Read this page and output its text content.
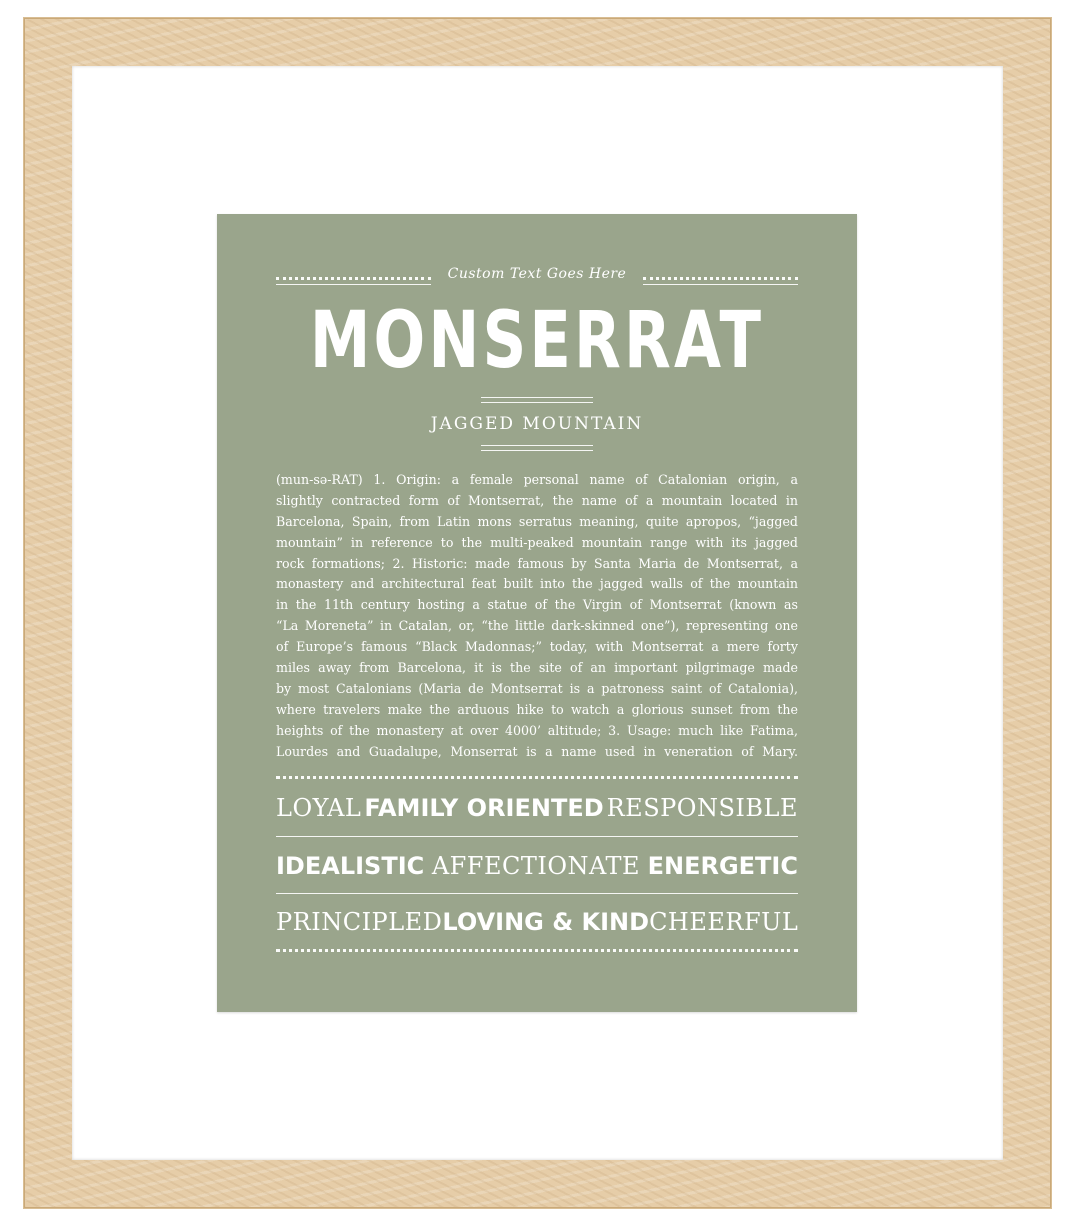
Custom Text Goes Here
MONSERRAT
JAGGED MOUNTAIN
(mun-sə-RAT) 1. Origin: a female personal name of Catalonian origin, a
slightly contracted form of Montserrat, the name of a mountain located in
Barcelona, Spain, from Latin mons serratus meaning, quite apropos, “jagged
mountain” in reference to the multi-peaked mountain range with its jagged
rock formations; 2. Historic: made famous by Santa Maria de Montserrat, a
monastery and architectural feat built into the jagged walls of the mountain
in the 11th century hosting a statue of the Virgin of Montserrat (known as
“La Moreneta” in Catalan, or, “the little dark-skinned one”), representing one
of Europe’s famous “Black Madonnas;” today, with Montserrat a mere forty
miles away from Barcelona, it is the site of an important pilgrimage made
by most Catalonians (Maria de Montserrat is a patroness saint of Catalonia),
where travelers make the arduous hike to watch a glorious sunset from the
heights of the monastery at over 4000’ altitude; 3. Usage: much like Fatima,
Lourdes and Guadalupe, Monserrat is a name used in veneration of Mary.
LOYAL FAMILY ORIENTED RESPONSIBLE
IDEALISTIC AFFECTIONATE ENERGETIC
PRINCIPLED LOVING & KIND CHEERFUL
